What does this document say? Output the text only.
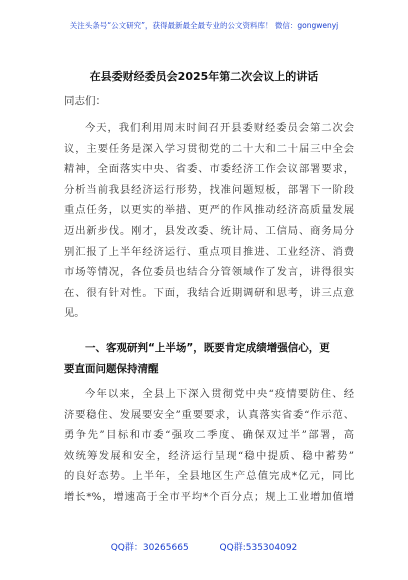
关注头条号“公文研究”，获得最新最全最专业的公文资料库！ 微信：gongwenyj
在县委财经委员会2025年第二次会议上的讲话
同志们：
今天，我们利用周末时间召开县委财经委员会第二次会
议，主要任务是深入学习贯彻党的二十大和二十届三中全会
精神，全面落实中央、省委、市委经济工作会议部署要求，
分析当前我县经济运行形势，找准问题短板，部署下一阶段
重点任务，以更实的举措、更严的作风推动经济高质量发展
迈出新步伐。刚才，县发改委、统计局、工信局、商务局分
别汇报了上半年经济运行、重点项目推进、工业经济、消费
市场等情况，各位委员也结合分管领域作了发言，讲得很实
在、很有针对性。下面，我结合近期调研和思考，讲三点意
见。
一、客观研判“上半场”，既要肯定成绩增强信心，更
要直面问题保持清醒
今年以来，全县上下深入贯彻党中央“疫情要防住、经
济要稳住、发展要安全”重要要求，认真落实省委“作示范、
勇争先”目标和市委“强攻二季度、确保双过半”部署，高
效统筹发展和安全，经济运行呈现“稳中提质、稳中蓄势”
的良好态势。上半年，全县地区生产总值完成*亿元，同比
增长*%，增速高于全市平均*个百分点；规上工业增加值增
QQ群：30265665	QQ群:535304092
